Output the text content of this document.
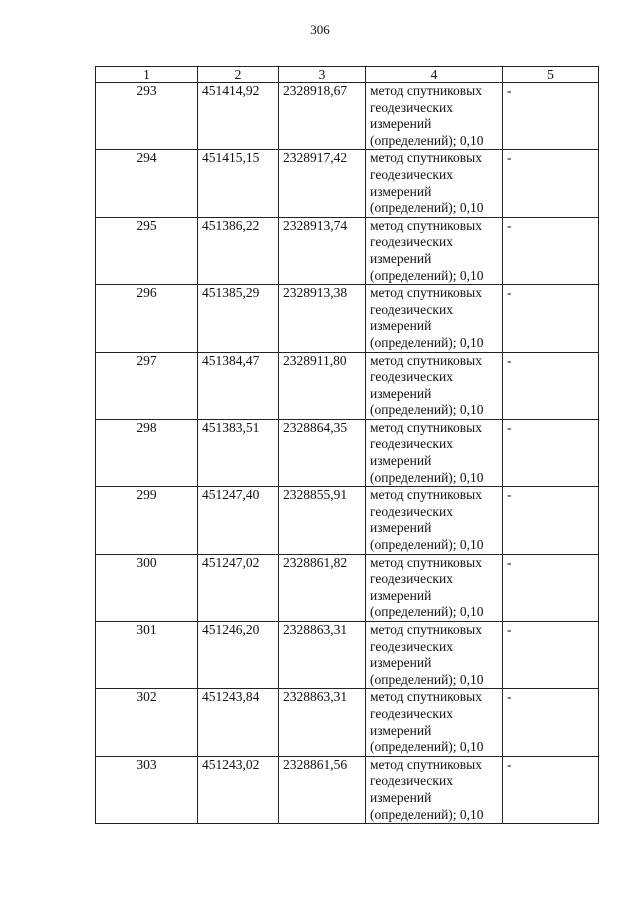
306
1	2	3	4	5
293	451414,92	2328918,67	метод спутниковых геодезических измерений (определений); 0,10	-
294	451415,15	2328917,42	метод спутниковых геодезических измерений (определений); 0,10	-
295	451386,22	2328913,74	метод спутниковых геодезических измерений (определений); 0,10	-
296	451385,29	2328913,38	метод спутниковых геодезических измерений (определений); 0,10	-
297	451384,47	2328911,80	метод спутниковых геодезических измерений (определений); 0,10	-
298	451383,51	2328864,35	метод спутниковых геодезических измерений (определений); 0,10	-
299	451247,40	2328855,91	метод спутниковых геодезических измерений (определений); 0,10	-
300	451247,02	2328861,82	метод спутниковых геодезических измерений (определений); 0,10	-
301	451246,20	2328863,31	метод спутниковых геодезических измерений (определений); 0,10	-
302	451243,84	2328863,31	метод спутниковых геодезических измерений (определений); 0,10	-
303	451243,02	2328861,56	метод спутниковых геодезических измерений (определений); 0,10	-
